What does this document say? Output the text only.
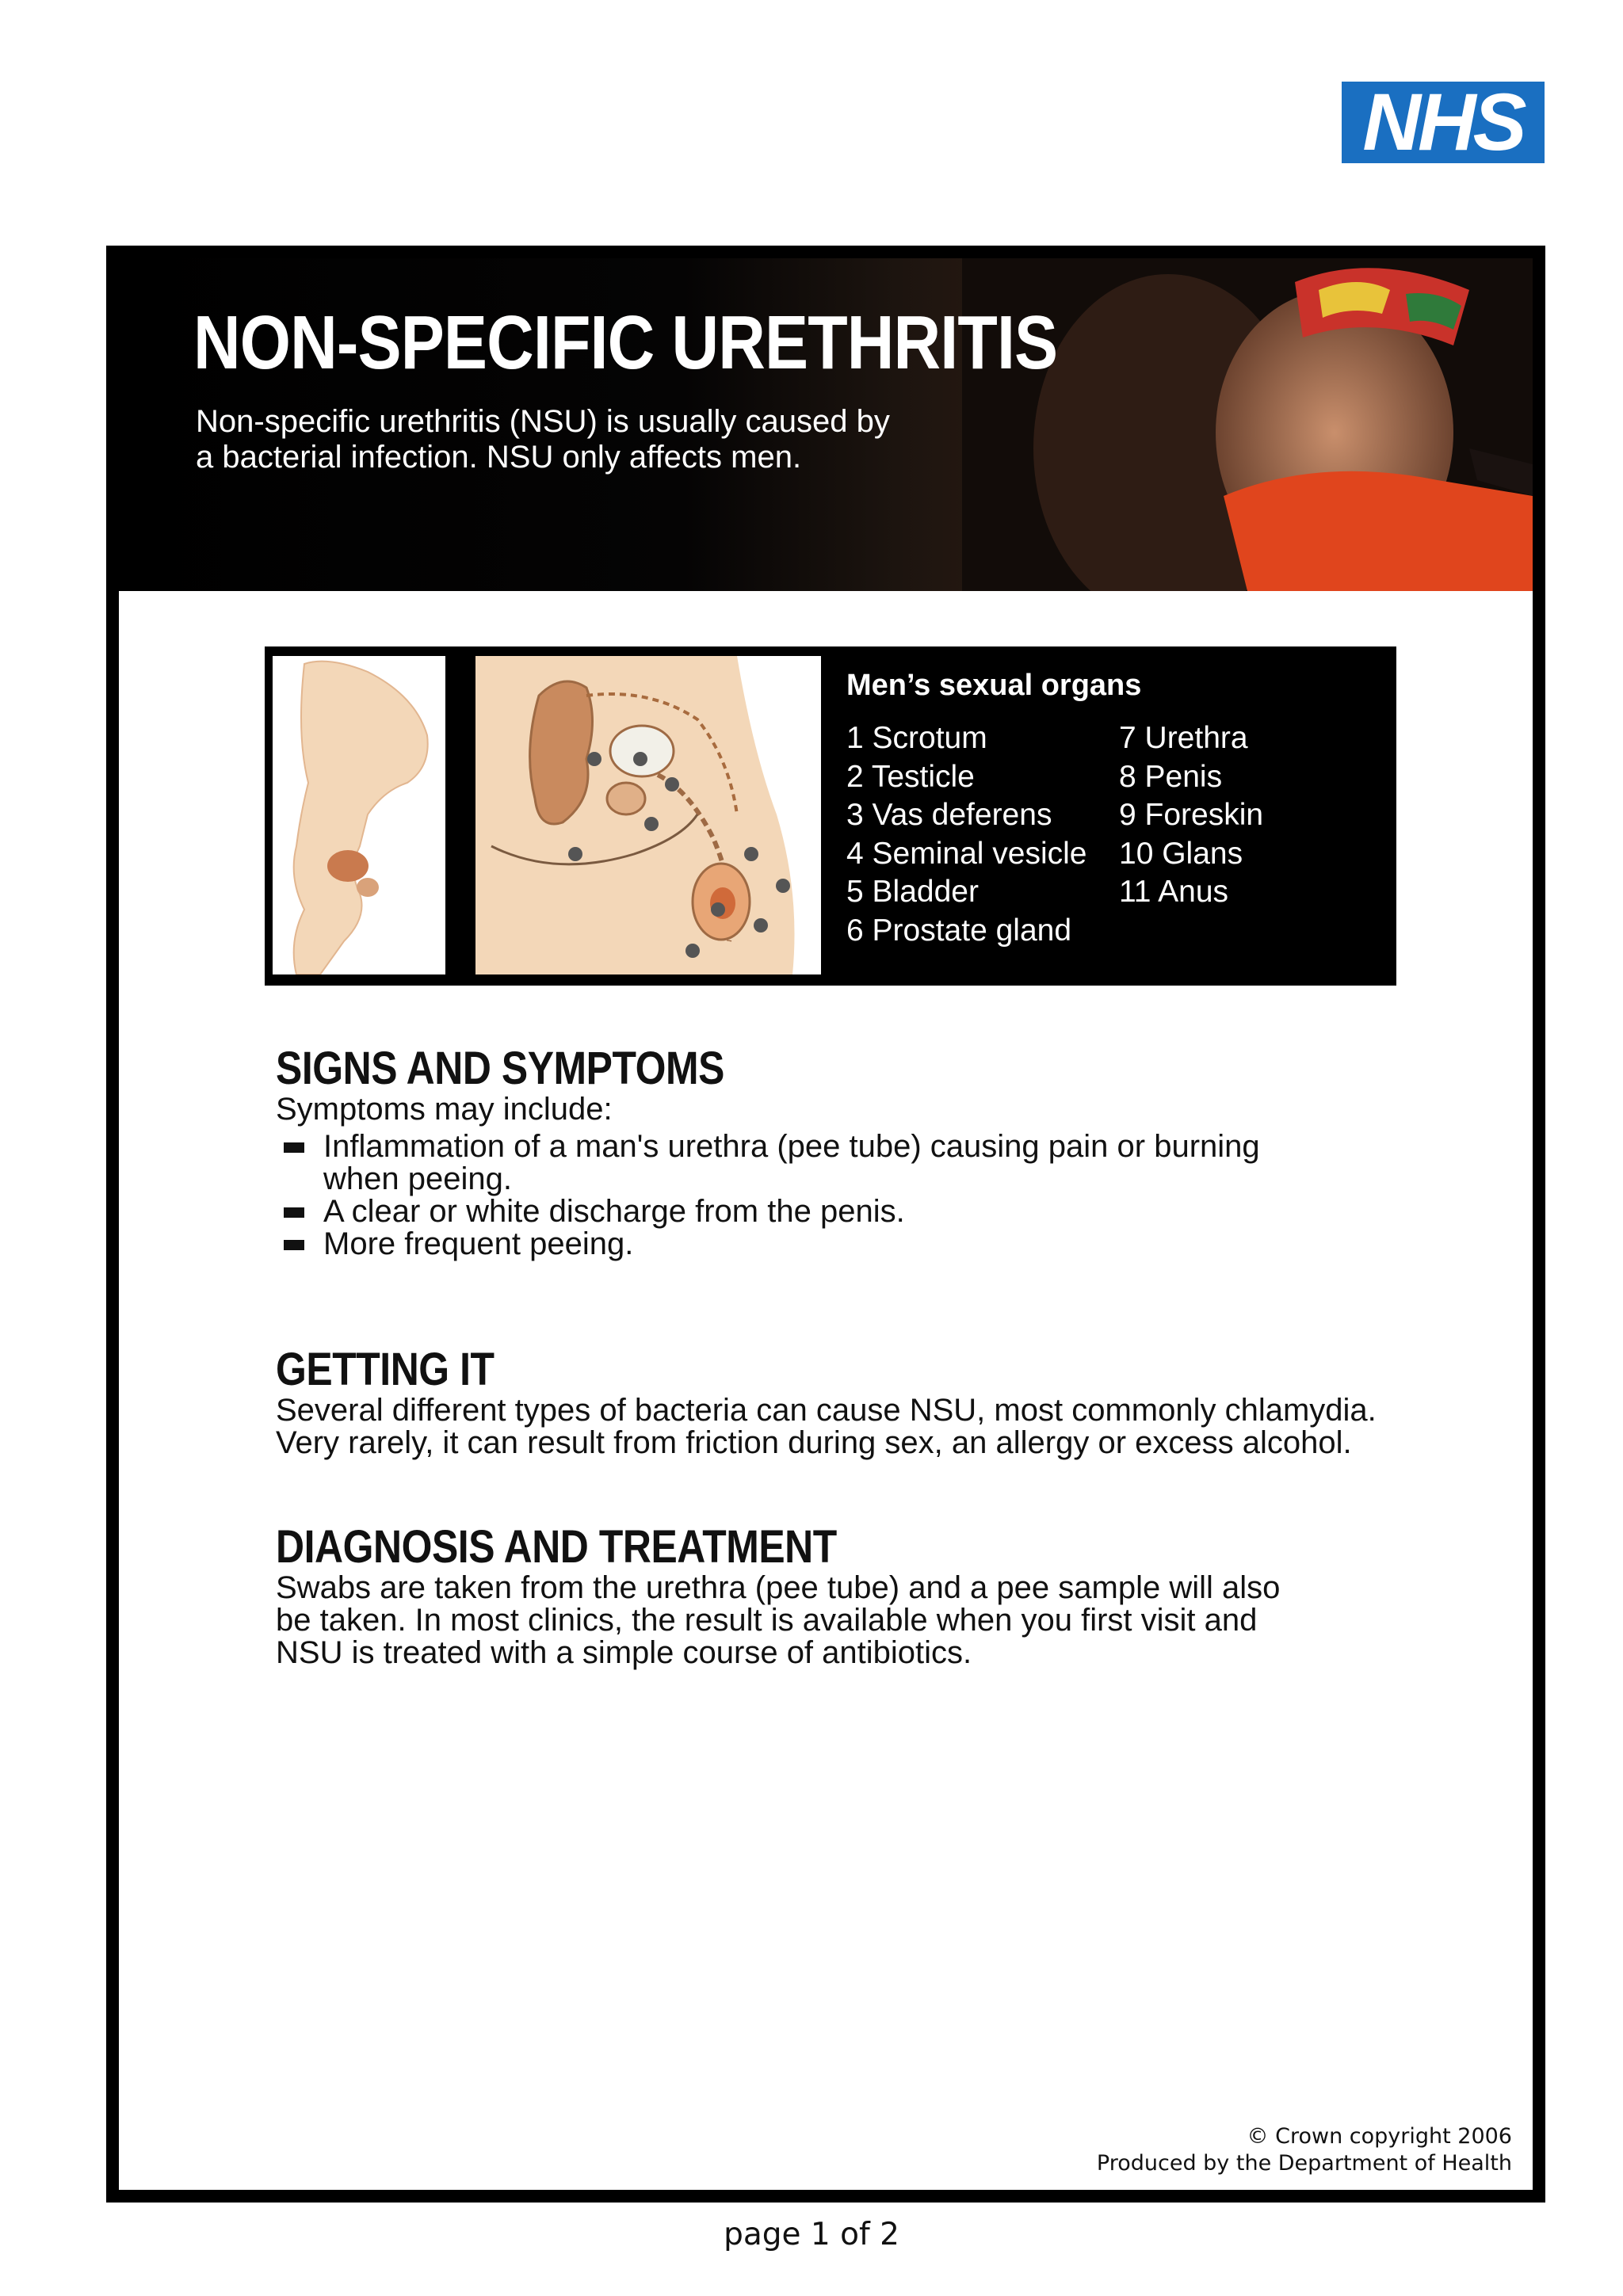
NHS
NON-SPECIFIC URETHRITIS

Non-specific urethritis (NSU) is usually caused by
a bacterial infection. NSU only affects men.

Men’s sexual organs
1 Scrotum
2 Testicle
3 Vas deferens
4 Seminal vesicle
5 Bladder
6 Prostate gland
7 Urethra
8 Penis
9 Foreskin
10 Glans
11 Anus
SIGNS AND SYMPTOMS

Symptoms may include:

Inflammation of a man's urethra (pee tube) causing pain or burning when peeing.
A clear or white discharge from the penis.
More frequent peeing.
GETTING IT

Several different types of bacteria can cause NSU, most commonly chlamydia. Very rarely, it can result from friction during sex, an allergy or excess alcohol.

DIAGNOSIS AND TREATMENT

Swabs are taken from the urethra (pee tube) and a pee sample will also be taken. In most clinics, the result is available when you first visit and NSU is treated with a simple course of antibiotics.

© Crown copyright 2006
Produced by the Department of Health
page 1 of 2
